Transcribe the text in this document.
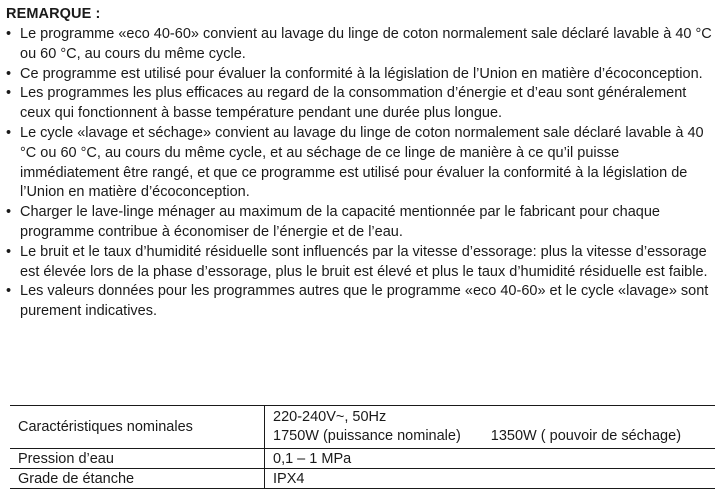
REMARQUE :
• Le programme «eco 40-60» convient au lavage du linge de coton normalement sale déclaré lavable à 40 °C ou 60 °C, au cours du même cycle.
• Ce programme est utilisé pour évaluer la conformité à la législation de l’Union en matière d’écoconception.
• Les programmes les plus efficaces au regard de la consommation d’énergie et d’eau sont généralement ceux qui fonctionnent à basse température pendant une durée plus longue.
• Le cycle «lavage et séchage» convient au lavage du linge de coton normalement sale déclaré lavable à 40 °C ou 60 °C, au cours du même cycle, et au séchage de ce linge de manière à ce qu’il puisse immédiatement être rangé, et que ce programme est utilisé pour évaluer la conformité à la législation de l’Union en matière d’écoconception.
• Charger le lave-linge ménager au maximum de la capacité mentionnée par le fabricant pour chaque programme contribue à économiser de l’énergie et de l’eau.
• Le bruit et le taux d’humidité résiduelle sont influencés par la vitesse d’essorage: plus la vitesse d’essorage est élevée lors de la phase d’essorage, plus le bruit est élevé et plus le taux d’humidité résiduelle est faible.
• Les valeurs données pour les programmes autres que le programme «eco 40-60» et le cycle «lavage» sont purement indicatives.
Caractéristiques nominales	220-240V~, 50Hz
1750W (puissance nominale) 1350W ( pouvoir de séchage)

Pression d’eau	0,1 – 1 MPa
Grade de étanche	IPX4
